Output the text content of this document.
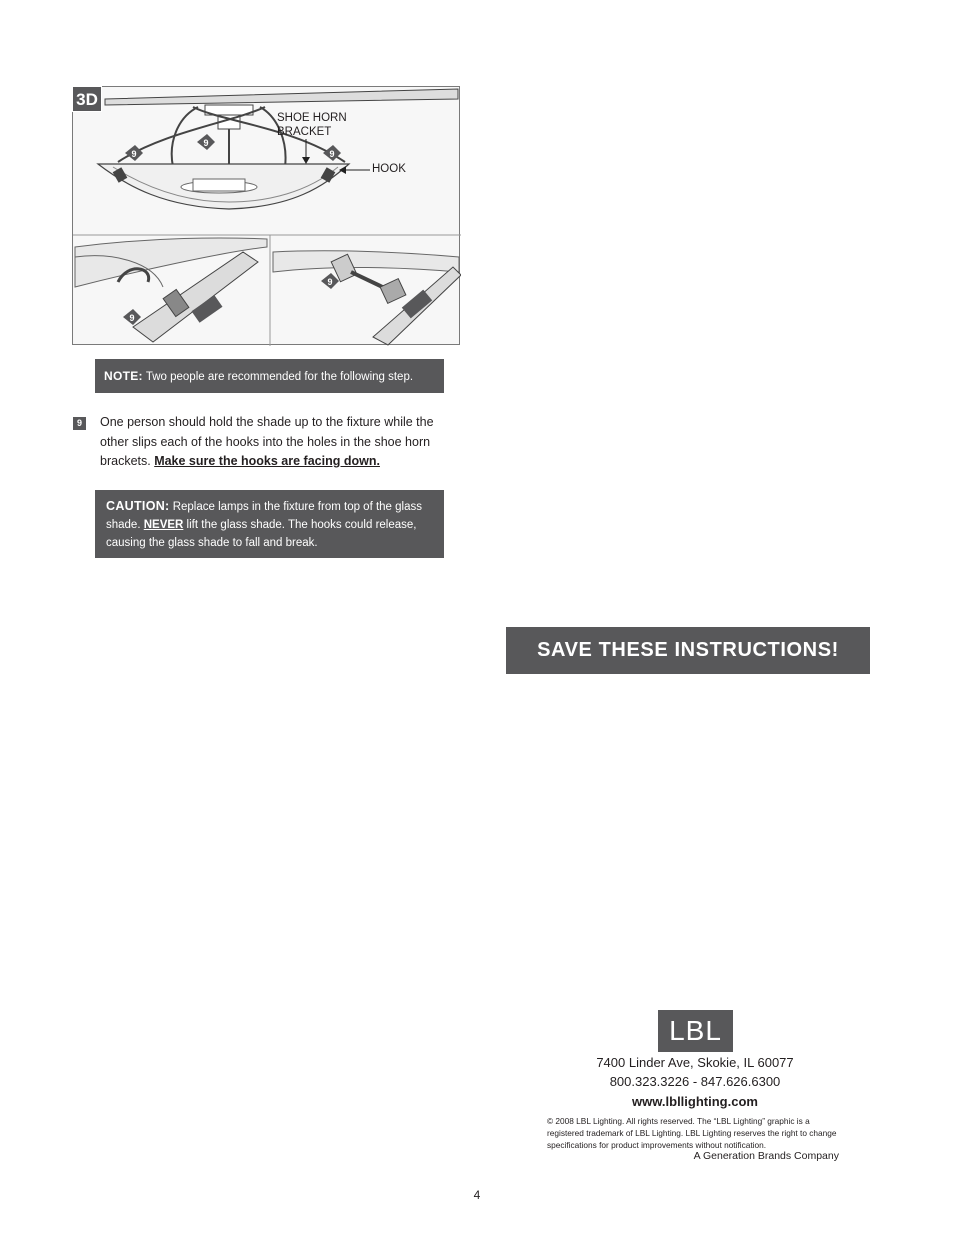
9
9
9
9
9
3D
SHOE HORN
BRACKET
HOOK
NOTE: Two people are recommended for the following step.
9	One person should hold the shade up to the fixture while the other slips each of the hooks into the holes in the shoe horn brackets. Make sure the hooks are facing down.
CAUTION: Replace lamps in the fixture from top of the glass shade. NEVER lift the glass shade. The hooks could release, causing the glass shade to fall and break.
SAVE THESE INSTRUCTIONS!
LBL
7400 Linder Ave, Skokie, IL 60077
800.323.3226 - 847.626.6300
www.lbllighting.com
© 2008 LBL Lighting. All rights reserved. The “LBL Lighting” graphic is a registered trademark of LBL Lighting. LBL Lighting reserves the right to change specifications for product improvements without notification.
A Generation Brands Company
4
